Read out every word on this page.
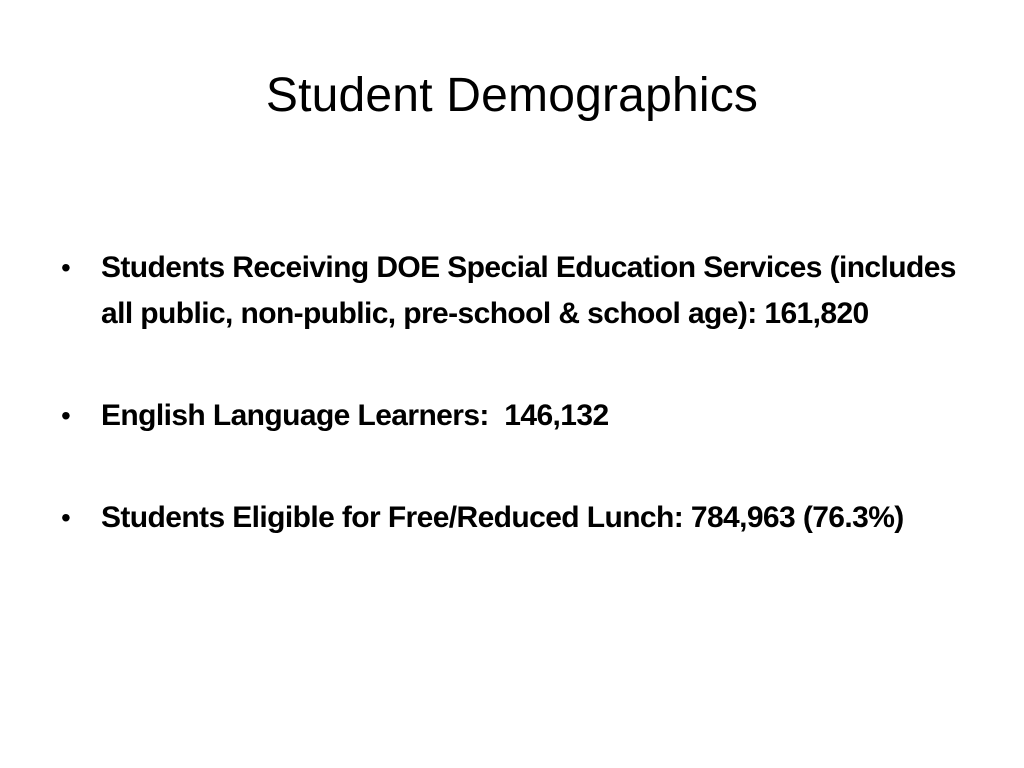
Student Demographics
• Students Receiving DOE Special Education Services (includes all public, non-public, pre-school & school age): 161,820
• English Language Learners:  146,132
• Students Eligible for Free/Reduced Lunch: 784,963 (76.3%)
